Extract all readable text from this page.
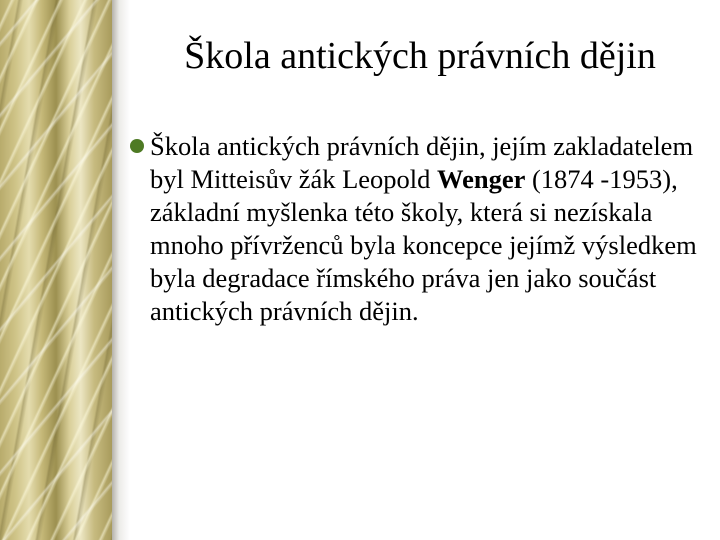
Škola antických právních dějin

Škola antických právních dějin, jejím zakladatelem byl Mitteisův žák Leopold Wenger (1874 -1953), základní myšlenka této školy, která si nezískala mnoho přívrženců byla koncepce jejímž výsledkem byla degradace římského práva jen jako součást antických právních dějin.
